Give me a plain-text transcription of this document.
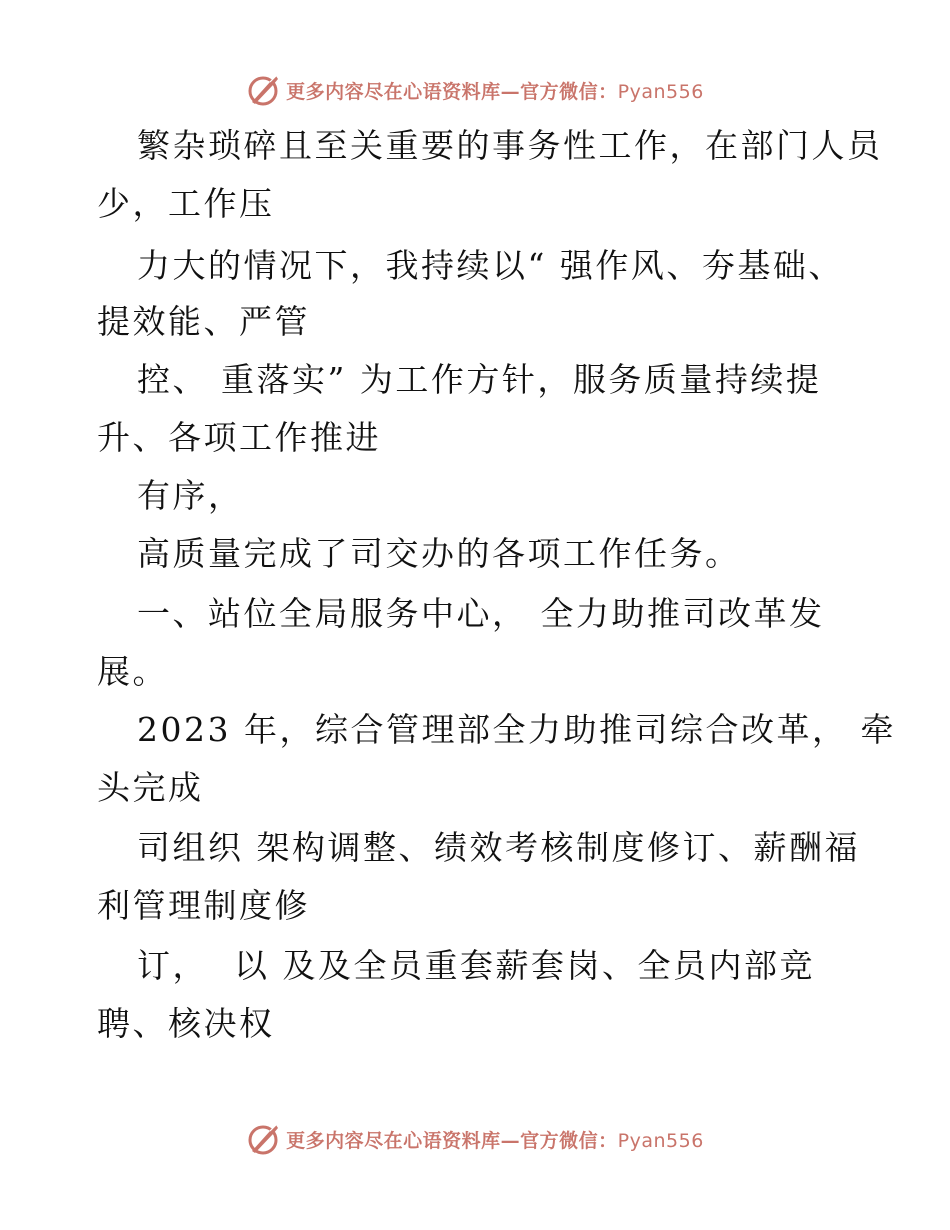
更多内容尽在心语资料库—官方微信：Pyan556
繁杂琐碎且至关重要的事务性工作，在部门人员
少，工作压
力大的情况下，我持续以“ 强作风、夯基础、
提效能、严管
控、 重落实” 为工作方针，服务质量持续提
升、各项工作推进
有序，
高质量完成了司交办的各项工作任务。
一、站位全局服务中心， 全力助推司改革发
展。
2023 年，综合管理部全力助推司综合改革， 牵
头完成
司组织 架构调整、绩效考核制度修订、薪酬福
利管理制度修
订，  以 及及全员重套薪套岗、全员内部竞
聘、核决权
更多内容尽在心语资料库—官方微信：Pyan556
